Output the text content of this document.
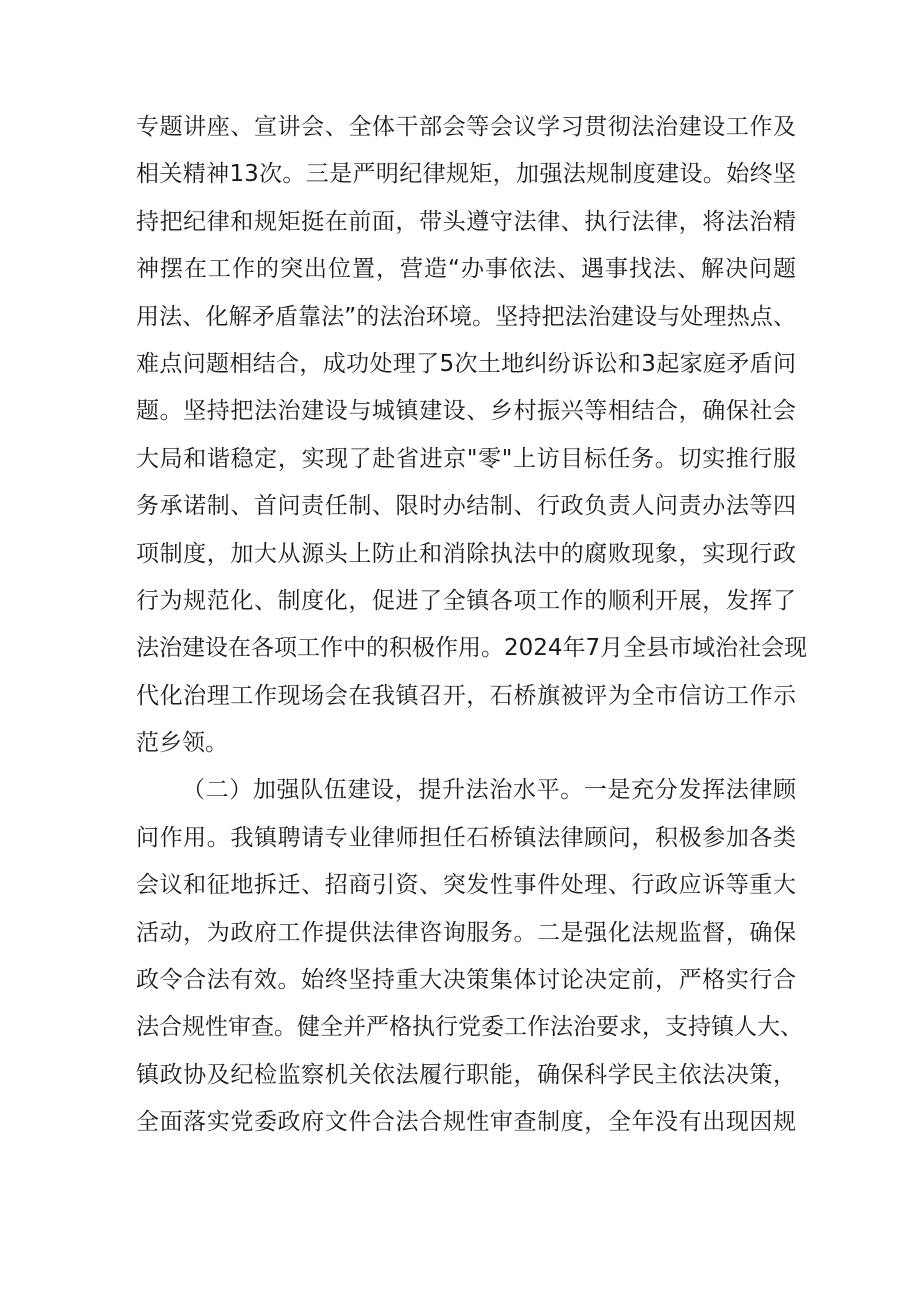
专题讲座、宣讲会、全体干部会等会议学习贯彻法治建设工作及
相关精神13次。三是严明纪律规矩，加强法规制度建设。始终坚
持把纪律和规矩挺在前面，带头遵守法律、执行法律，将法治精
神摆在工作的突出位置，营造“办事依法、遇事找法、解决问题
用法、化解矛盾靠法”的法治环境。坚持把法治建设与处理热点、
难点问题相结合，成功处理了5次土地纠纷诉讼和3起家庭矛盾问
题。坚持把法治建设与城镇建设、乡村振兴等相结合，确保社会
大局和谐稳定，实现了赴省进京"零"上访目标任务。切实推行服
务承诺制、首问责任制、限时办结制、行政负责人问责办法等四
项制度，加大从源头上防止和消除执法中的腐败现象，实现行政
行为规范化、制度化，促进了全镇各项工作的顺利开展，发挥了
法治建设在各项工作中的积极作用。2024年7月全县市域治社会现
代化治理工作现场会在我镇召开，石桥旗被评为全市信访工作示
范乡领。
（二）加强队伍建设，提升法治水平。一是充分发挥法律顾
问作用。我镇聘请专业律师担任石桥镇法律顾问，积极参加各类
会议和征地拆迁、招商引资、突发性事件处理、行政应诉等重大
活动，为政府工作提供法律咨询服务。二是强化法规监督，确保
政令合法有效。始终坚持重大决策集体讨论决定前，严格实行合
法合规性审查。健全并严格执行党委工作法治要求，支持镇人大、
镇政协及纪检监察机关依法履行职能，确保科学民主依法决策，
全面落实党委政府文件合法合规性审查制度，全年没有出现因规
